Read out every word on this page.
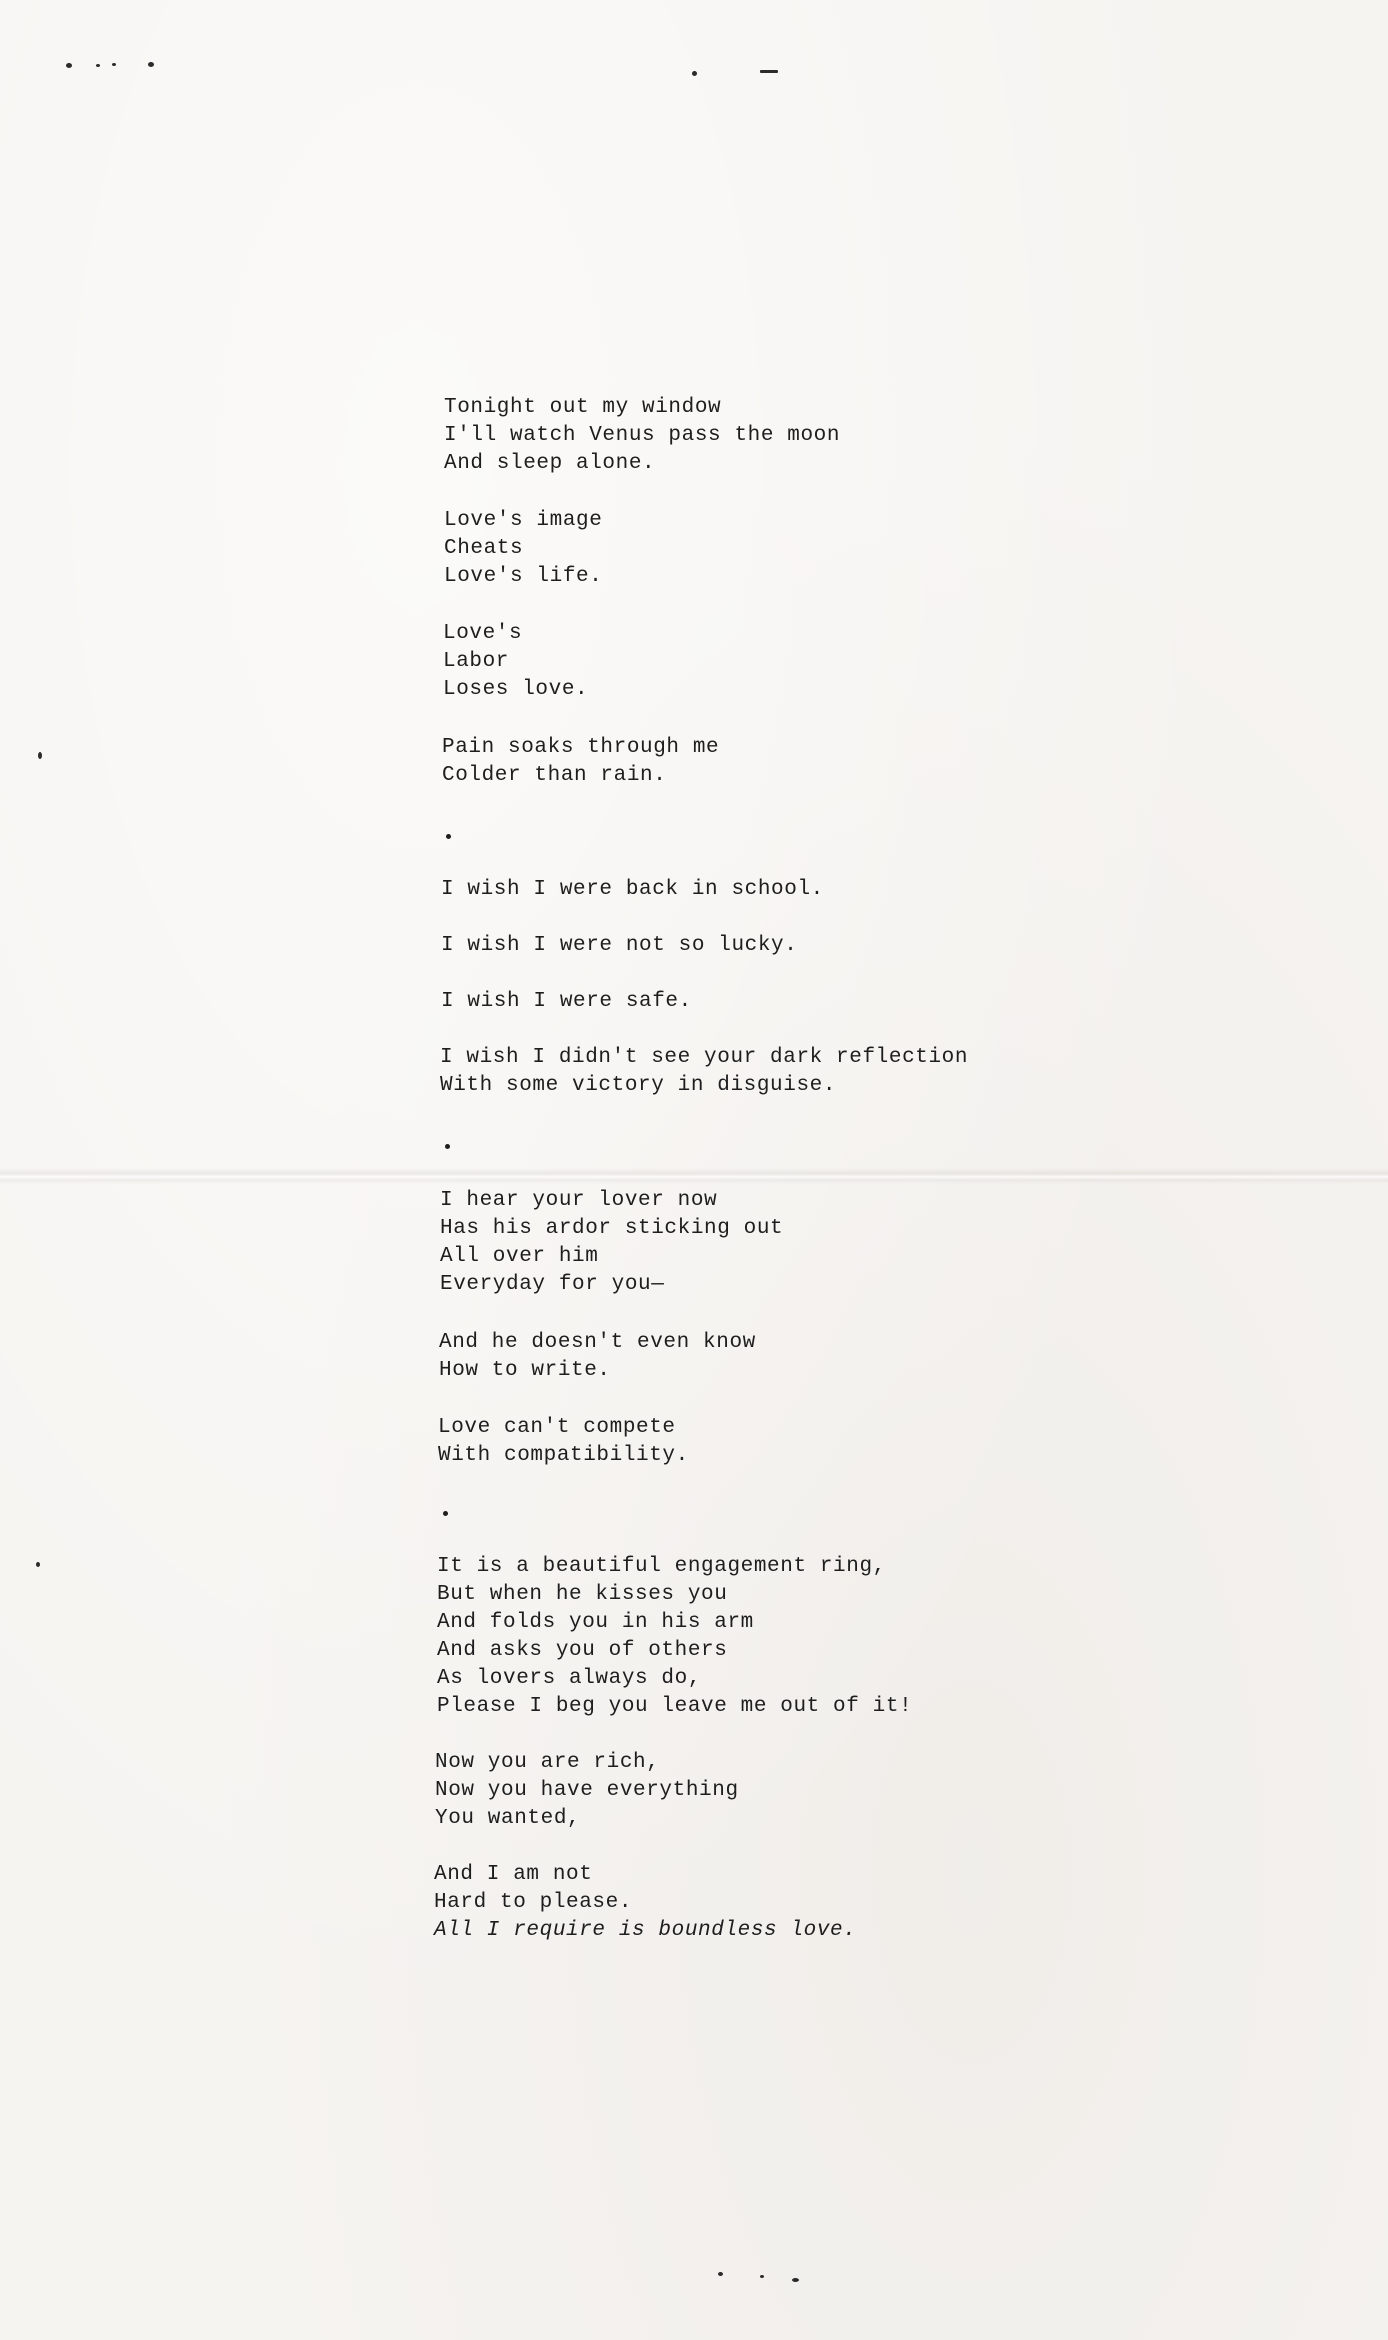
Tonight out my window
I'll watch Venus pass the moon
And sleep alone.
Love's image
Cheats
Love's life.
Love's
Labor
Loses love.
Pain soaks through me
Colder than rain.
I wish I were back in school.
I wish I were not so lucky.
I wish I were safe.
I wish I didn't see your dark reflection
With some victory in disguise.
I hear your lover now
Has his ardor sticking out
All over him
Everyday for you—
And he doesn't even know
How to write.
Love can't compete
With compatibility.
It is a beautiful engagement ring,
But when he kisses you
And folds you in his arm
And asks you of others
As lovers always do,
Please I beg you leave me out of it!
Now you are rich,
Now you have everything
You wanted,
And I am not
Hard to please.
All I require is boundless love.
